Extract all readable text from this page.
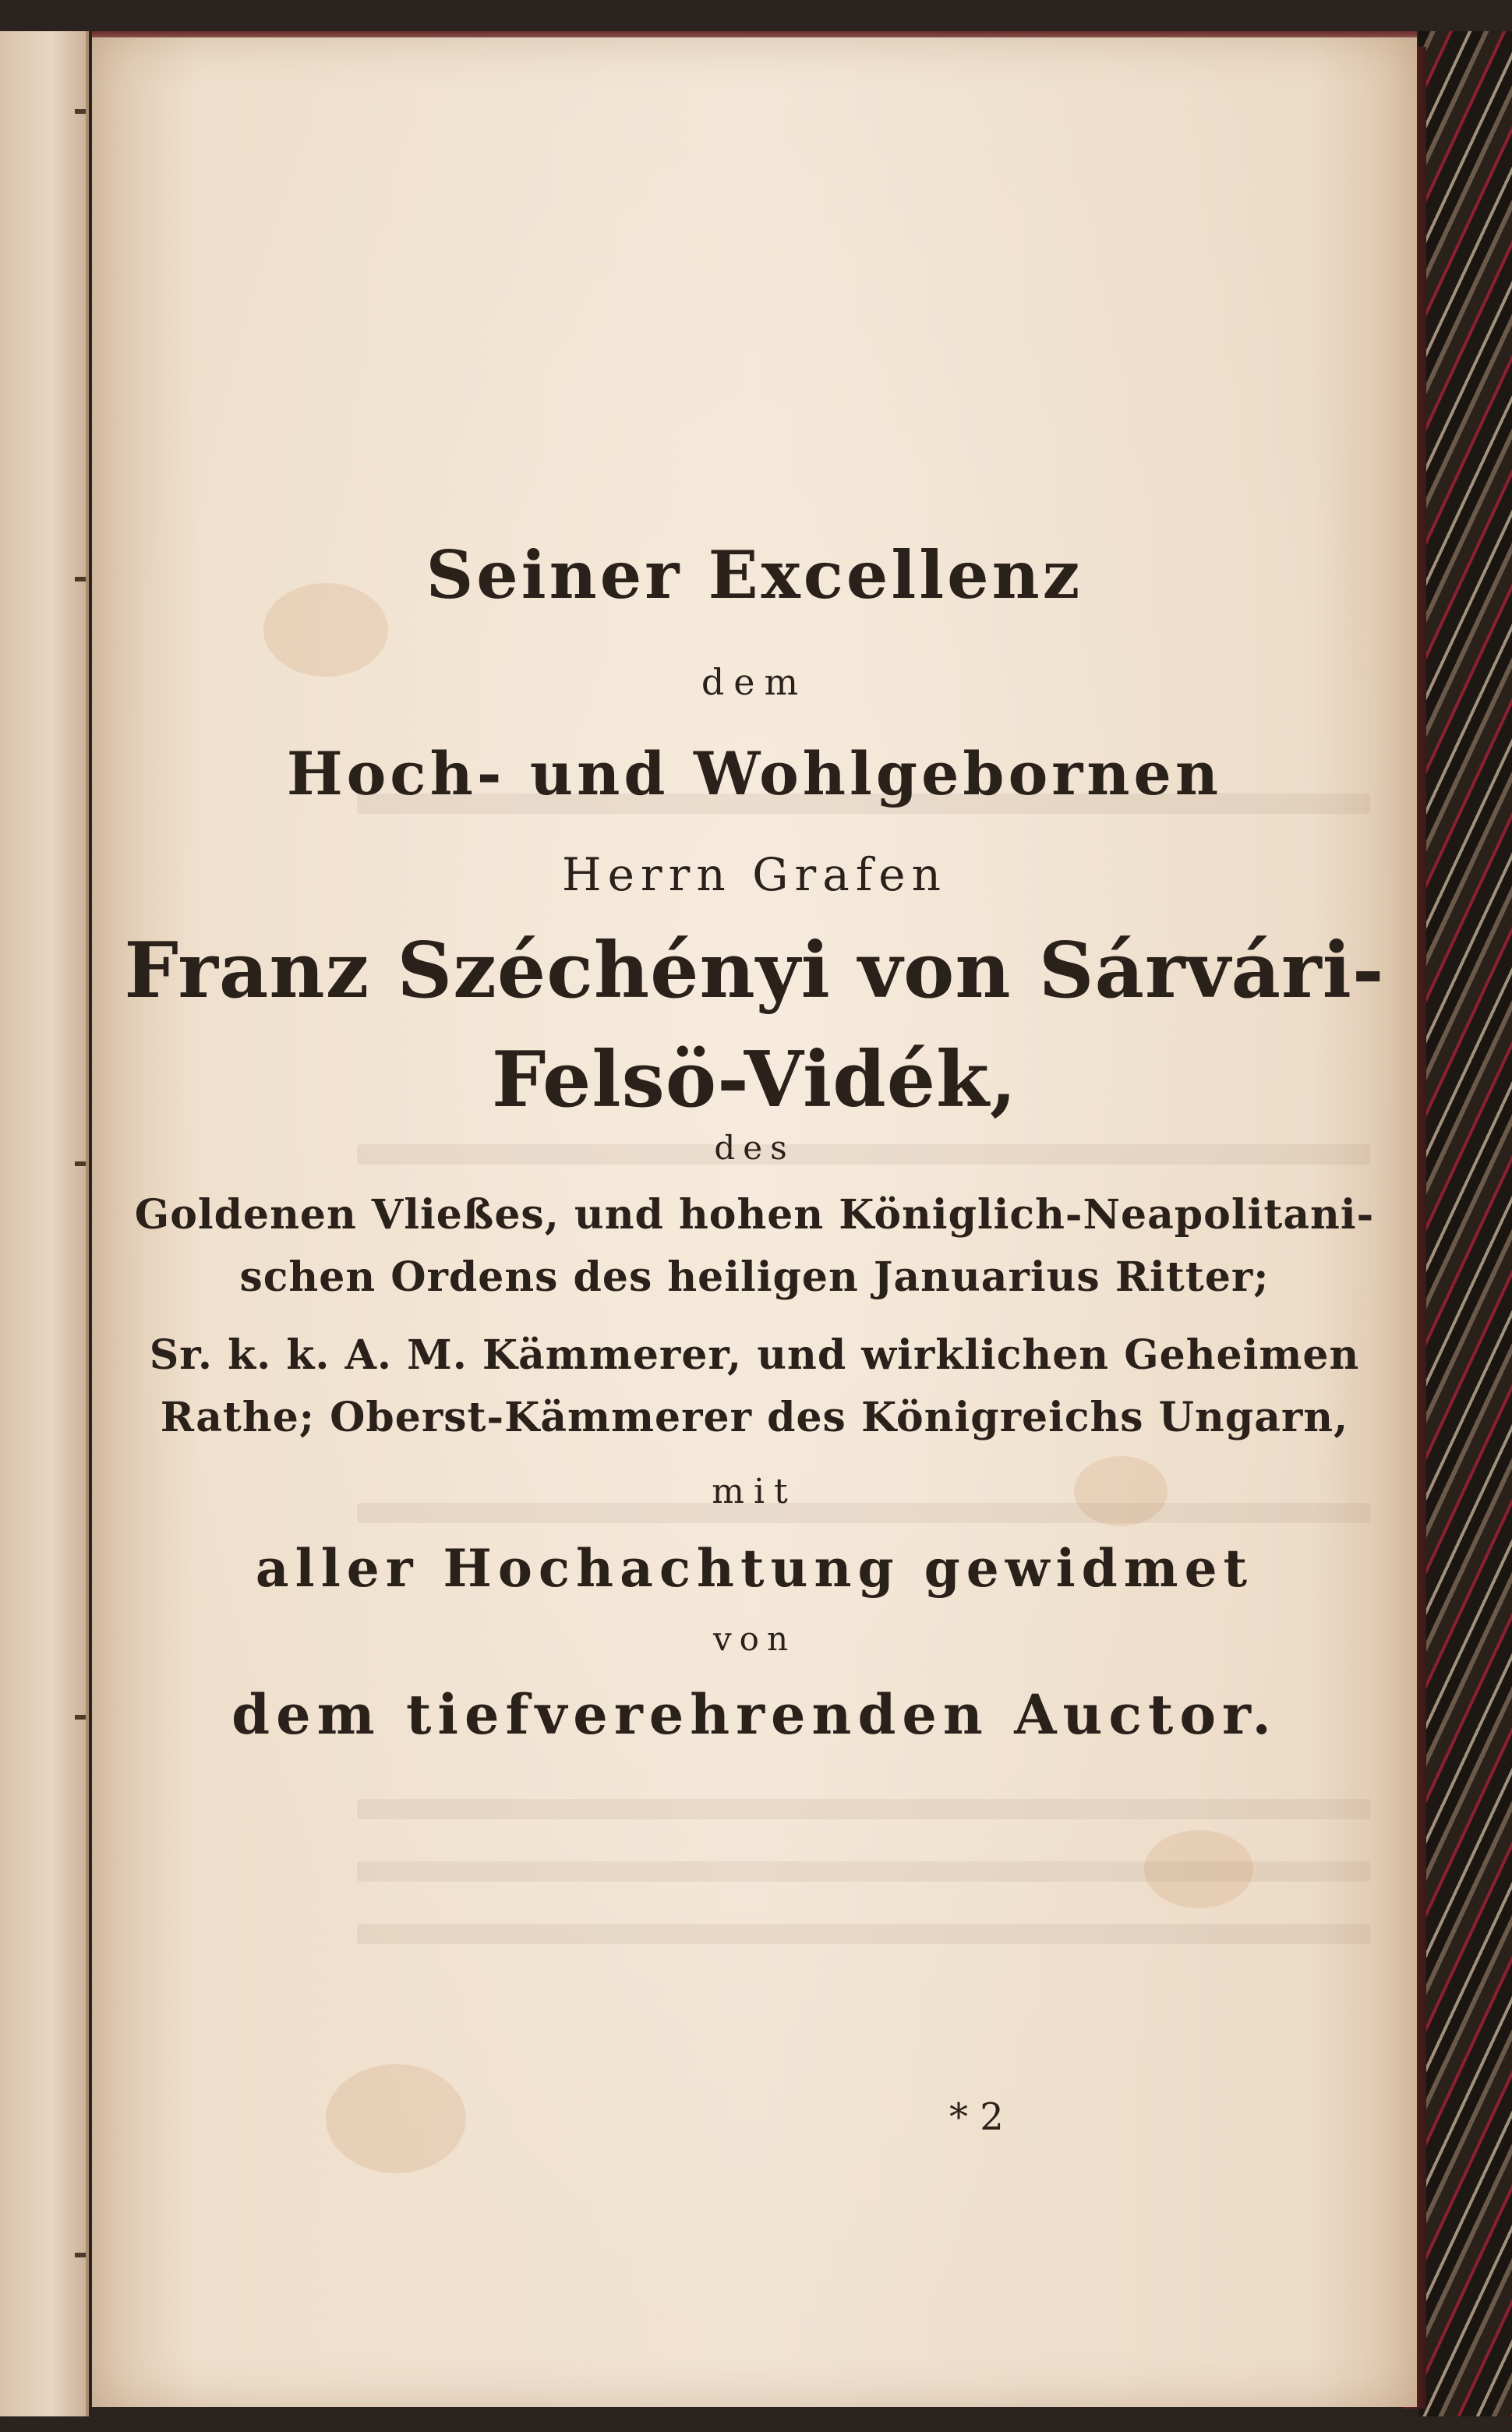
Seiner Excellenz
dem
Hoch- und Wohlgebornen
Herrn Grafen
Franz Széchényi von Sárvári-
Felsö-Vidék,
des
Goldenen Vließes, und hohen Königlich-Neapolitani-
schen Ordens des heiligen Januarius Ritter;
Sr. k. k. A. M. Kämmerer, und wirklichen Geheimen
Rathe; Oberst-Kämmerer des Königreichs Ungarn,
mit
aller Hochachtung gewidmet
von
dem tiefverehrenden Auctor.
* 2
